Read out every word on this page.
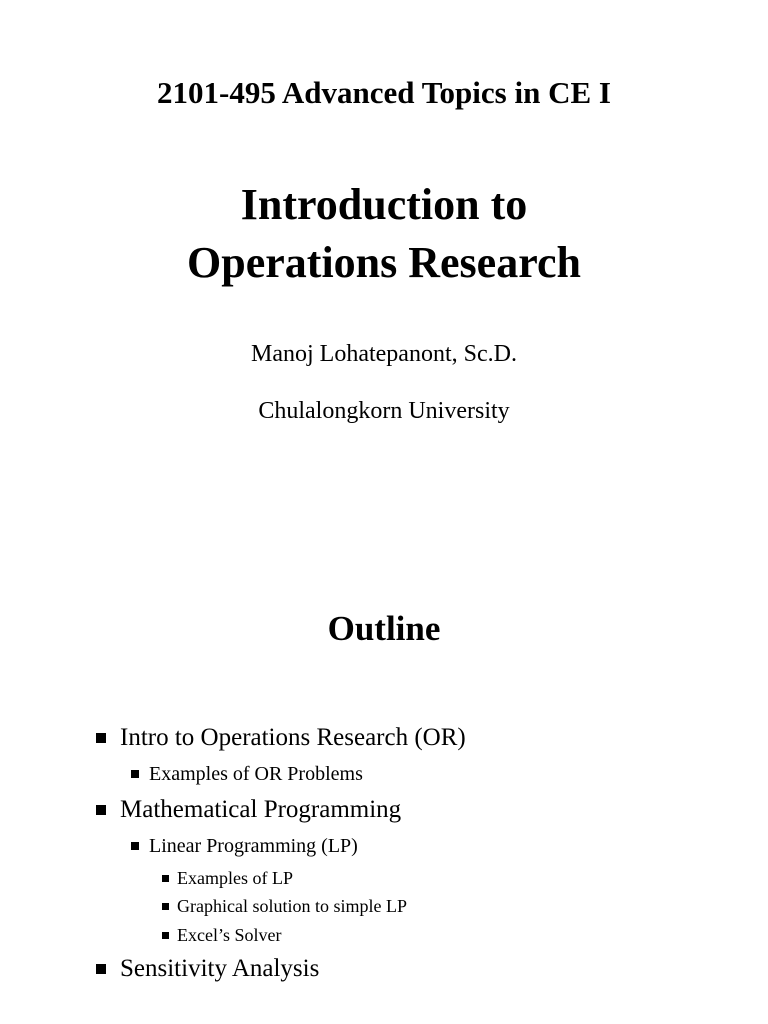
2101-495 Advanced Topics in CE I
Introduction to
Operations Research
Manoj Lohatepanont, Sc.D.
Chulalongkorn University
Outline
Intro to Operations Research (OR)
Examples of OR Problems
Mathematical Programming
Linear Programming (LP)
Examples of LP
Graphical solution to simple LP
Excel’s Solver
Sensitivity Analysis
